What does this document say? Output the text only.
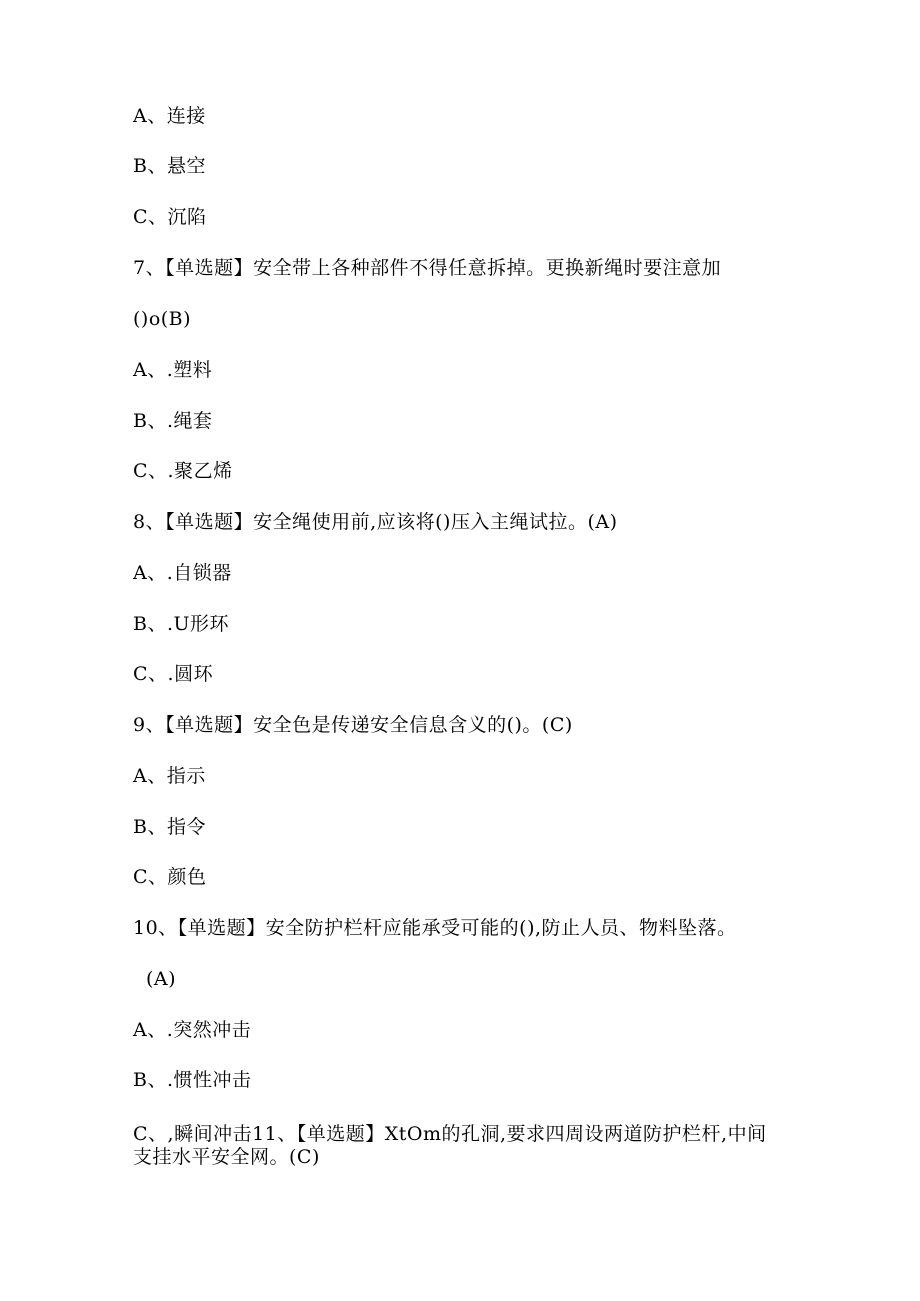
A、连接
B、悬空
C、沉陷
7、【单选题】安全带上各种部件不得任意拆掉。更换新绳时要注意加
()o(B)
A、.塑料
B、.绳套
C、.聚乙烯
8、【单选题】安全绳使用前,应该将()压入主绳试拉。(A)
A、.自锁器
B、.U形环
C、.圆环
9、【单选题】安全色是传递安全信息含义的()。(C)
A、指示
B、指令
C、颜色
10、【单选题】安全防护栏杆应能承受可能的(),防止人员、物料坠落。
(A)
A、.突然冲击
B、.惯性冲击
C、,瞬间冲击11、【单选题】XtOm的孔洞,要求四周设两道防护栏杆,中间
支挂水平安全网。(C)
